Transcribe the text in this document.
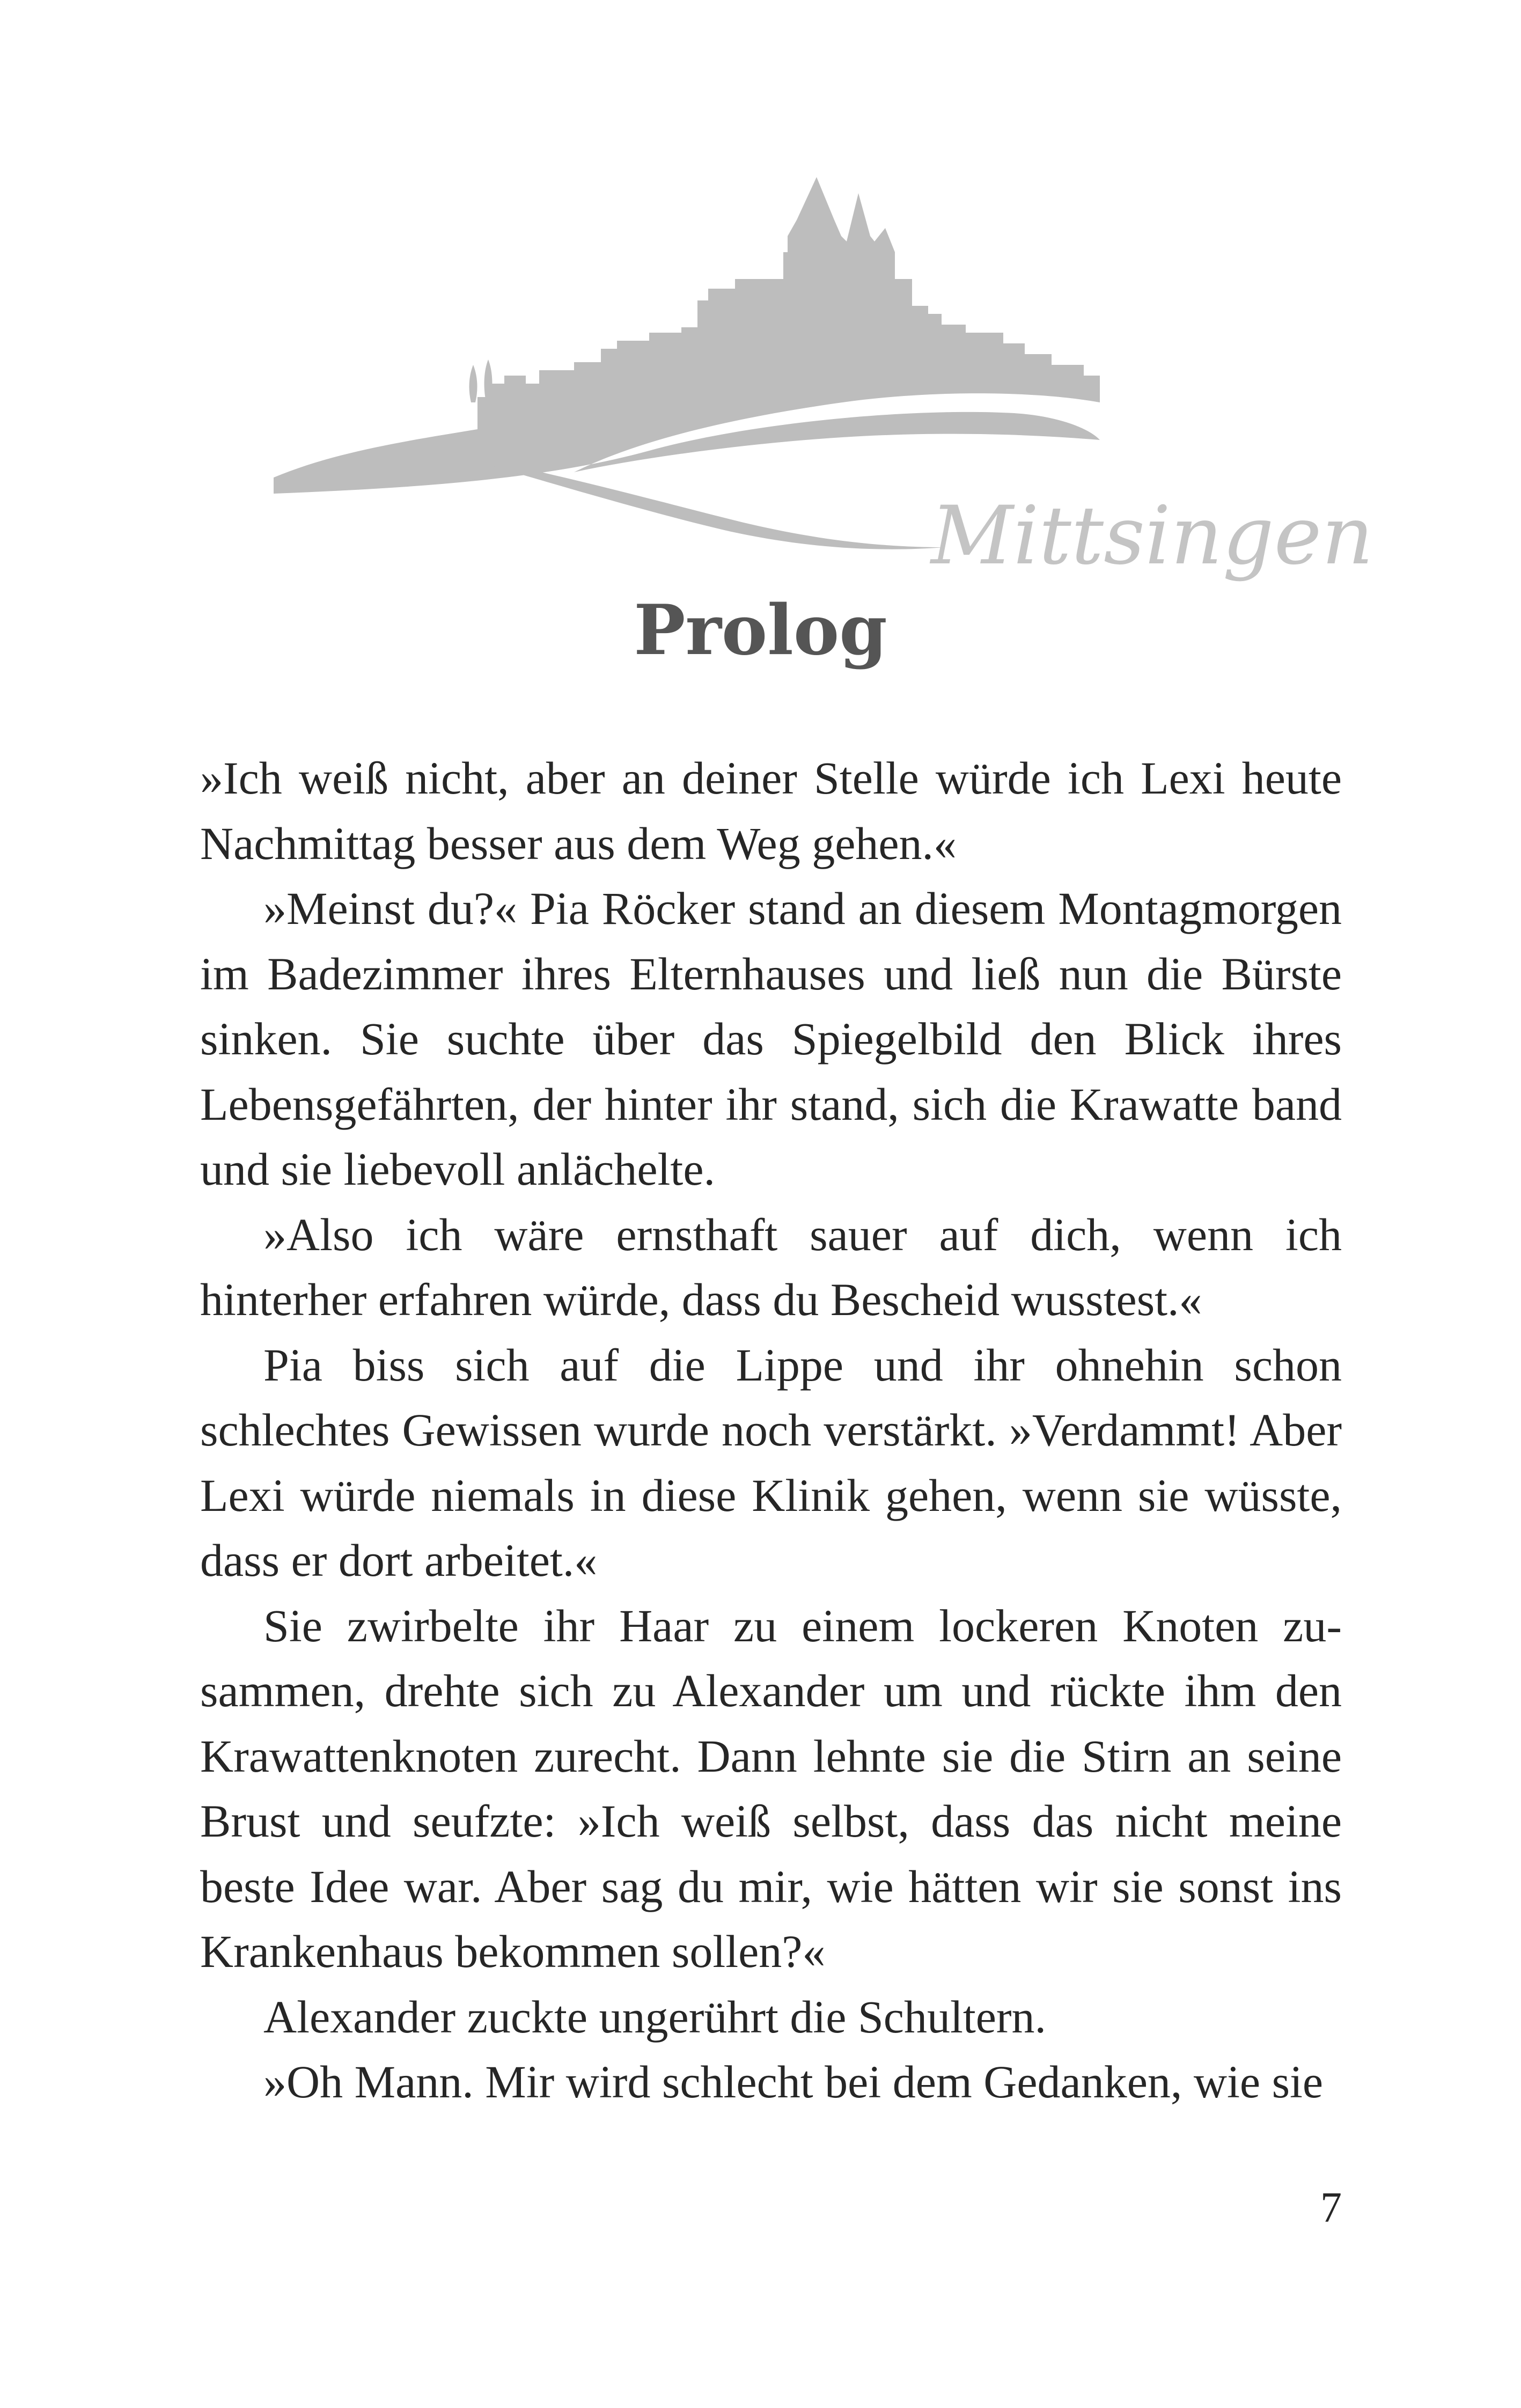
Mittsingen
Prolog

»Ich weiß nicht, aber an deiner Stelle würde ich Lexi heute Nachmittag besser aus dem Weg gehen.«

»Meinst du?« Pia Röcker stand an diesem Montagmorgen im Badezimmer ihres Elternhauses und ließ nun die Bürste sinken. Sie suchte über das Spiegelbild den Blick ihres Lebensgefährten, der hinter ihr stand, sich die Krawatte band und sie liebevoll anlächelte.

»Also ich wäre ernsthaft sauer auf dich, wenn ich hinterher erfahren würde, dass du Bescheid wusstest.«

Pia biss sich auf die Lippe und ihr ohnehin schon schlechtes Gewissen wurde noch verstärkt. »Verdammt! Aber Lexi würde niemals in diese Klinik gehen, wenn sie wüsste, dass er dort arbeitet.«

Sie zwirbelte ihr Haar zu einem lockeren Knoten zusammen, drehte sich zu Alexander um und rückte ihm den Krawattenknoten zurecht. Dann lehnte sie die Stirn an seine Brust und seufzte: »Ich weiß selbst, dass das nicht meine beste Idee war. Aber sag du mir, wie hätten wir sie sonst ins Krankenhaus bekommen sollen?«

Alexander zuckte ungerührt die Schultern.

»Oh Mann. Mir wird schlecht bei dem Gedanken, wie sie

7
